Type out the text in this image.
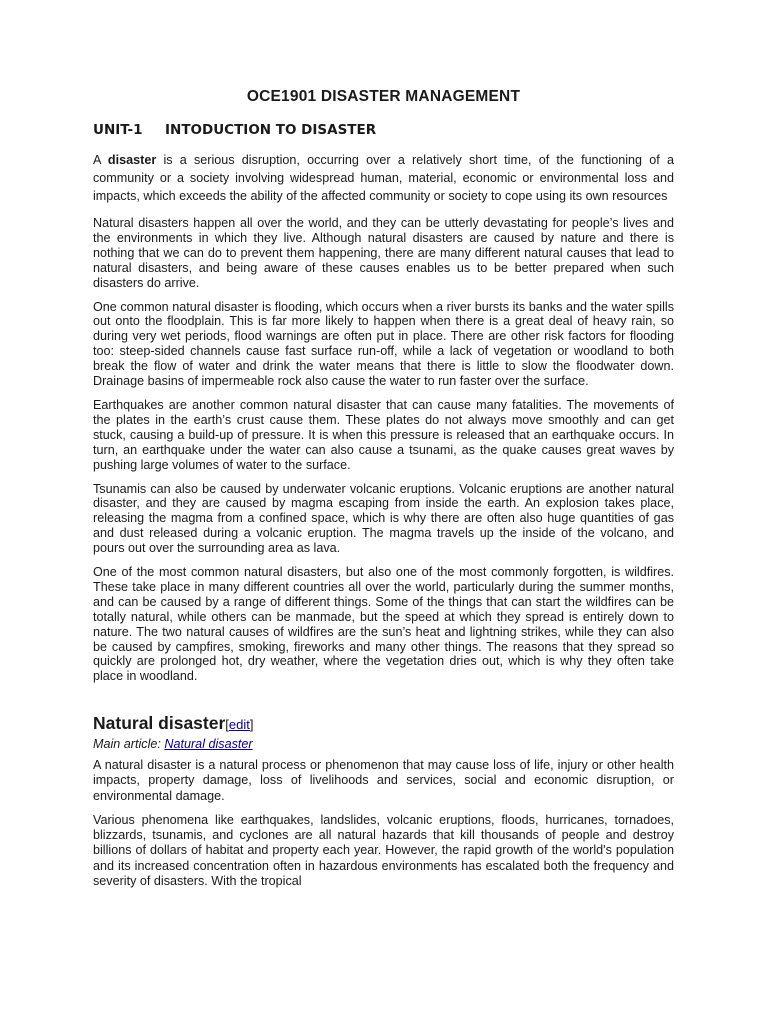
OCE1901 DISASTER MANAGEMENT
UNIT-1 INTODUCTION TO DISASTER

A disaster is a serious disruption, occurring over a relatively short time, of the functioning of a community or a society involving widespread human, material, economic or environmental loss and impacts, which exceeds the ability of the affected community or society to cope using its own resources

Natural disasters happen all over the world, and they can be utterly devastating for people’s lives and the environments in which they live. Although natural disasters are caused by nature and there is nothing that we can do to prevent them happening, there are many different natural causes that lead to natural disasters, and being aware of these causes enables us to be better prepared when such disasters do arrive.

One common natural disaster is flooding, which occurs when a river bursts its banks and the water spills out onto the floodplain. This is far more likely to happen when there is a great deal of heavy rain, so during very wet periods, flood warnings are often put in place. There are other risk factors for flooding too: steep-sided channels cause fast surface run-off, while a lack of vegetation or woodland to both break the flow of water and drink the water means that there is little to slow the floodwater down. Drainage basins of impermeable rock also cause the water to run faster over the surface.

Earthquakes are another common natural disaster that can cause many fatalities. The movements of the plates in the earth’s crust cause them. These plates do not always move smoothly and can get stuck, causing a build-up of pressure. It is when this pressure is released that an earthquake occurs. In turn, an earthquake under the water can also cause a tsunami, as the quake causes great waves by pushing large volumes of water to the surface.

Tsunamis can also be caused by underwater volcanic eruptions. Volcanic eruptions are another natural disaster, and they are caused by magma escaping from inside the earth. An explosion takes place, releasing the magma from a confined space, which is why there are often also huge quantities of gas and dust released during a volcanic eruption. The magma travels up the inside of the volcano, and pours out over the surrounding area as lava.

One of the most common natural disasters, but also one of the most commonly forgotten, is wildfires. These take place in many different countries all over the world, particularly during the summer months, and can be caused by a range of different things. Some of the things that can start the wildfires can be totally natural, while others can be manmade, but the speed at which they spread is entirely down to nature. The two natural causes of wildfires are the sun’s heat and lightning strikes, while they can also be caused by campfires, smoking, fireworks and many other things. The reasons that they spread so quickly are prolonged hot, dry weather, where the vegetation dries out, which is why they often take place in woodland.

Natural disaster[edit]
Main article: Natural disaster

A natural disaster is a natural process or phenomenon that may cause loss of life, injury or other health impacts, property damage, loss of livelihoods and services, social and economic disruption, or environmental damage.

Various phenomena like earthquakes, landslides, volcanic eruptions, floods, hurricanes, tornadoes, blizzards, tsunamis, and cyclones are all natural hazards that kill thousands of people and destroy billions of dollars of habitat and property each year. However, the rapid growth of the world's population and its increased concentration often in hazardous environments has escalated both the frequency and severity of disasters. With the tropical
